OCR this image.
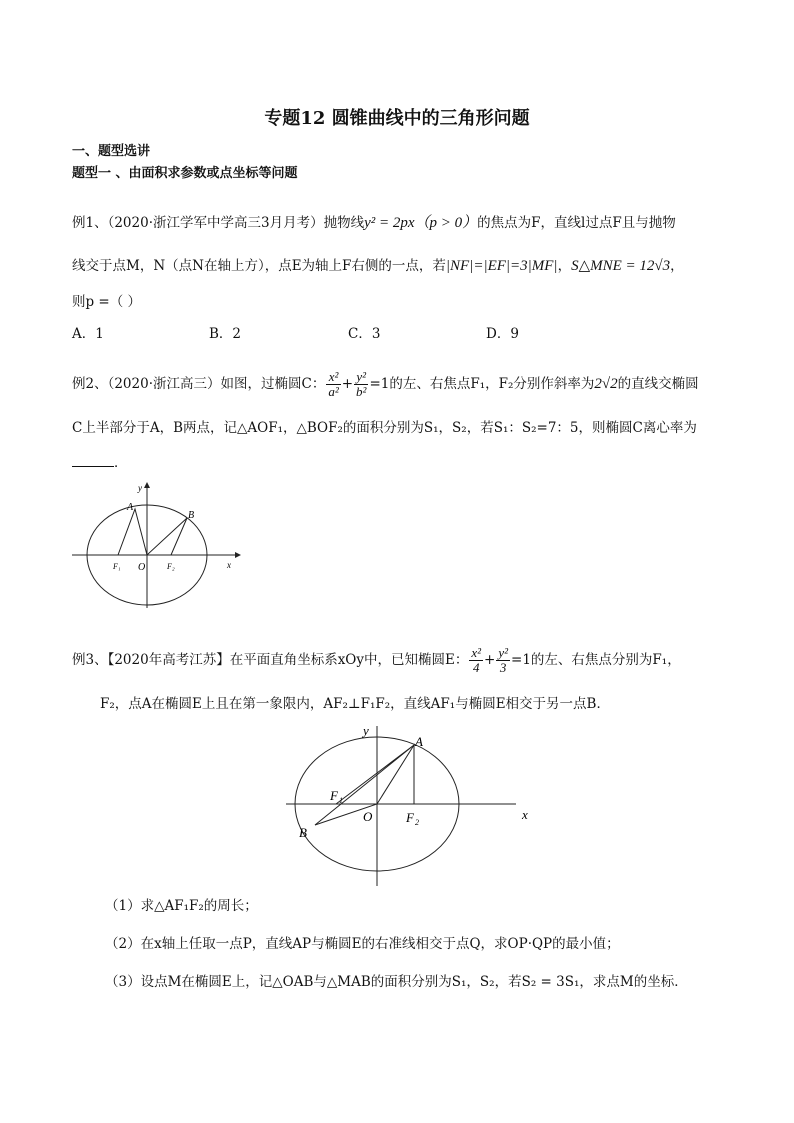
专题12 圆锥曲线中的三角形问题
一、题型选讲
题型一 、由面积求参数或点坐标等问题
例1、（2020·浙江学军中学高三3月月考）抛物线y² = 2px（p > 0）的焦点为F，直线l过点F且与抛物
线交于点M，N（点N在轴上方），点E为轴上F右侧的一点，若|NF|=|EF|=3|MF|，S△MNE = 12√3，
则p =（ ）
A．1	B．2	C．3	D．9
例2、（2020·浙江高三）如图，过椭圆C： $\frac{\text{x²}}{\text{a²}} + \frac{\text{y²}}{\text{b²}} =1$的左、右焦点F₁，F₂分别作斜率为2√2的直线交椭圆
C上半部分于A，B两点，记△AOF₁，△BOF₂的面积分别为S₁，S₂，若S₁：S₂=7：5，则椭圆C离心率为
．
A
B
F₁ O	F₂	x
y
例3、【2020年高考江苏】在平面直角坐标系xOy中，已知椭圆E： $\frac{\text{x²}}{4} + \frac{\text{y²}}{3} =1$的左、右焦点分别为F₁，
F₂，点A在椭圆E上且在第一象限内，AF₂⊥F₁F₂，直线AF₁与椭圆E相交于另一点B．
A
B
F 1
O	F 2
x
y
（1）求△AF₁F₂的周长；
（2）在x轴上任取一点P，直线AP与椭圆E的右准线相交于点Q，求OP·QP的最小值；
（3）设点M在椭圆E上，记△OAB与△MAB的面积分别为S₁，S₂，若S₂ = 3S₁，求点M的坐标．
